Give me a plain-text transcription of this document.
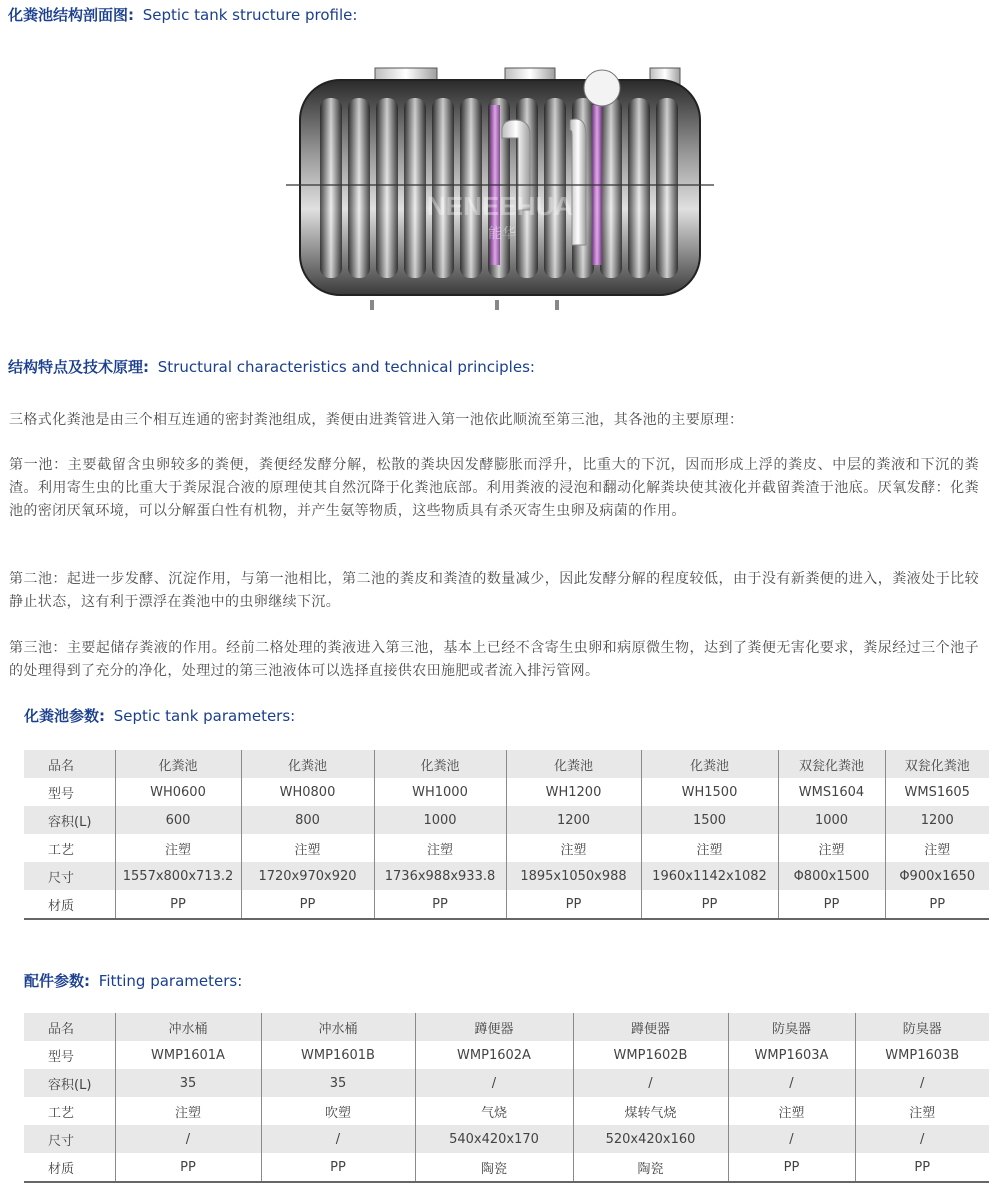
化粪池结构剖面图: Septic tank structure profile:
NENEEHUA
能华
结构特点及技术原理: Structural characteristics and technical principles:

三格式化粪池是由三个相互连通的密封粪池组成，粪便由进粪管进入第一池依此顺流至第三池，其各池的主要原理：

第一池：主要截留含虫卵较多的粪便，粪便经发酵分解，松散的粪块因发酵膨胀而浮升，比重大的下沉，因而形成上浮的粪皮、中层的粪液和下沉的粪渣。利用寄生虫的比重大于粪尿混合液的原理使其自然沉降于化粪池底部。利用粪液的浸泡和翻动化解粪块使其液化并截留粪渣于池底。厌氧发酵：化粪池的密闭厌氧环境，可以分解蛋白性有机物，并产生氨等物质，这些物质具有杀灭寄生虫卵及病菌的作用。

第二池：起进一步发酵、沉淀作用，与第一池相比，第二池的粪皮和粪渣的数量减少，因此发酵分解的程度较低，由于没有新粪便的进入，粪液处于比较静止状态，这有利于漂浮在粪池中的虫卵继续下沉。

第三池：主要起储存粪液的作用。经前二格处理的粪液进入第三池，基本上已经不含寄生虫卵和病原微生物，达到了粪便无害化要求，粪尿经过三个池子的处理得到了充分的净化，处理过的第三池液体可以选择直接供农田施肥或者流入排污管网。

化粪池参数: Septic tank parameters:
品名	化粪池	化粪池	化粪池	化粪池	化粪池	双瓮化粪池	双瓮化粪池
型号	WH0600	WH0800	WH1000	WH1200	WH1500	WMS1604	WMS1605
容积(L)	600	800	1000	1200	1500	1000	1200
工艺	注塑	注塑	注塑	注塑	注塑	注塑	注塑
尺寸	1557x800x713.2	1720x970x920	1736x988x933.8	1895x1050x988	1960x1142x1082	Φ800x1500	Φ900x1650
材质	PP	PP	PP	PP	PP	PP	PP
配件参数: Fitting parameters:
品名	冲水桶	冲水桶	蹲便器	蹲便器	防臭器	防臭器
型号	WMP1601A	WMP1601B	WMP1602A	WMP1602B	WMP1603A	WMP1603B
容积(L)	35	35	/	/	/	/
工艺	注塑	吹塑	气烧	煤转气烧	注塑	注塑
尺寸	/	/	540x420x170	520x420x160	/	/
材质	PP	PP	陶瓷	陶瓷	PP	PP
